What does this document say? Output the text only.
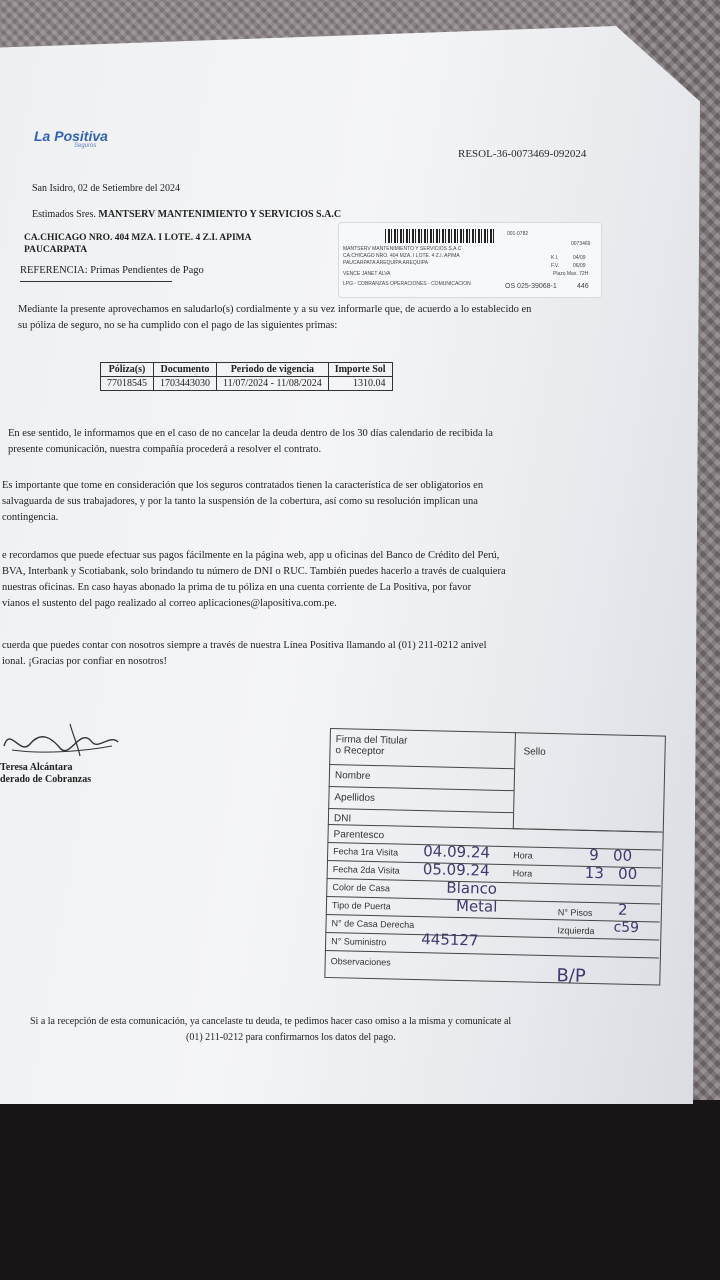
La Positiva
Seguros
RESOL-36-0073469-092024
San Isidro, 02 de Setiembre del 2024
Estimados Sres. MANTSERV MANTENIMIENTO Y SERVICIOS S.A.C
CA.CHICAGO NRO. 404 MZA. I LOTE. 4 Z.I. APIMA
PAUCARPATA
REFERENCIA: Primas Pendientes de Pago
001-0782
MANTSERV MANTENIMIENTO Y SERVICIOS S.A.C
CA.CHICAGO NRO. 404 MZA. I LOTE. 4 Z.I. APIMA
PAUCARPATA AREQUIPA AREQUIPA
VENCE JANET ALVA
LPG - COBRANZAS OPERACIONES - COMUNICACION
0073469
K.I.	04/09
F.V.	06/09
Plazo Max. 72H
OS 025-39068-1	446
Mediante la presente aprovechamos en saludarlo(s) cordialmente y a su vez informarle que, de acuerdo a lo establecido en
su póliza de seguro, no se ha cumplido con el pago de las siguientes primas:
Póliza(s)	Documento	Periodo de vigencia	Importe Sol
77018545	1703443030	11/07/2024 - 11/08/2024	1310.04
En ese sentido, le informamos que en el caso de no cancelar la deuda dentro de los 30 días calendario de recibida la
presente comunicación, nuestra compañía procederá a resolver el contrato.
Es importante que tome en consideración que los seguros contratados tienen la característica de ser obligatorios en
salvaguarda de sus trabajadores, y por la tanto la suspensión de la cobertura, así como su resolución implican una
contingencia.
e recordamos que puede efectuar sus pagos fácilmente en la página web, app u oficinas del Banco de Crédito del Perú,
BVA, Interbank y Scotiabank, solo brindando tu número de DNI o RUC. También puedes hacerlo a través de cualquiera
nuestras oficinas. En caso hayas abonado la prima de tu póliza en una cuenta corriente de La Positiva, por favor
víanos el sustento del pago realizado al correo aplicaciones@lapositiva.com.pe.
cuerda que puedes contar con nosotros siempre a través de nuestra Línea Positiva llamando al (01) 211-0212 anivel
ional. ¡Gracias por confiar en nosotros!
Teresa Alcántara
derado de Cobranzas
Firma del Titular
o Receptor	Sello
Nombre
Apellidos
DNI
Parentesco
Fecha 1ra Visita 04.09.24	Hora	9   00
Fecha 2da Visita 05.09.24	Hora	13   00
Color de Casa	Blanco
Tipo de Puerta	Metal	N° Pisos 2
N° de Casa Derecha
Izquierda c59
N° Suministro 445127
Observaciones
B/P
Si a la recepción de esta comunicación, ya cancelaste tu deuda, te pedimos hacer caso omiso a la misma y comunícate al
(01) 211-0212 para confirmarnos los datos del pago.
